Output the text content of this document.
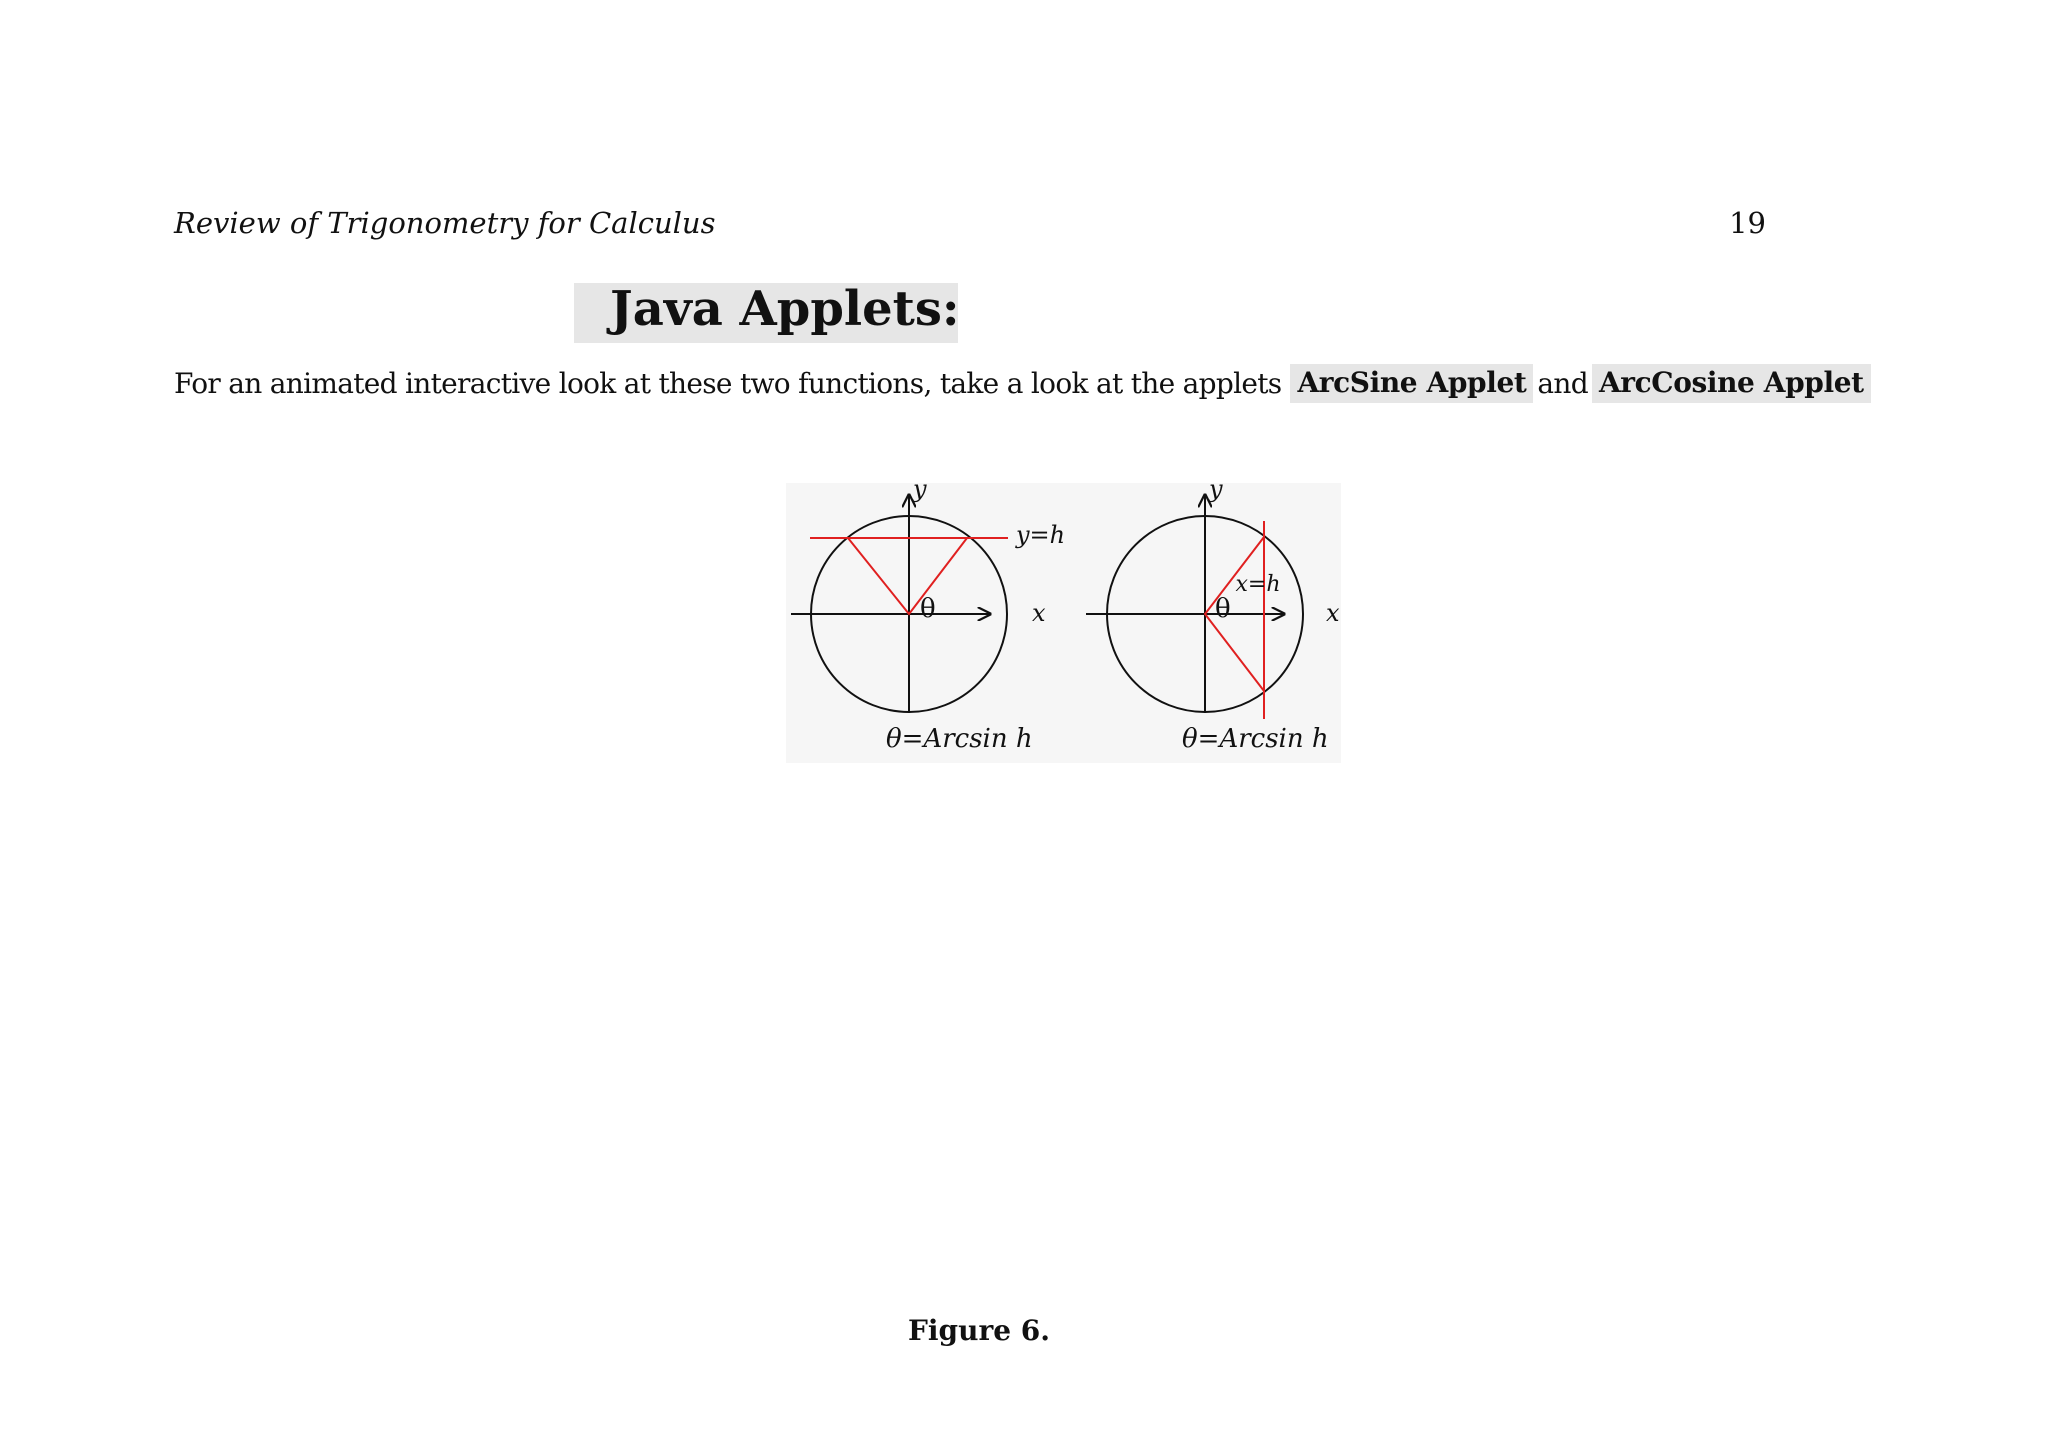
Review of Trigonometry for Calculus	19
Java Applets:
For an animated interactive look at these two functions, take a look at the applets ArcSine Applet and ArcCosine Applet
y
x
y=h
θ
θ=Arcsin h
y
x
x=h
θ
θ=Arcsin h
Figure 6.
